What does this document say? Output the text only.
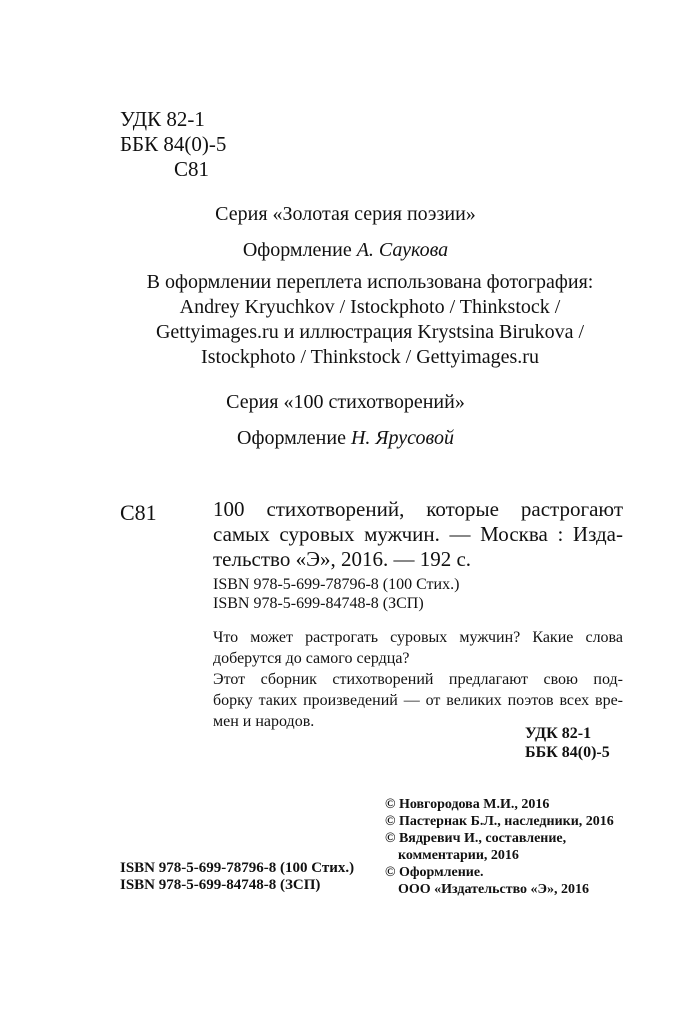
УДК 82-1
ББК 84(0)-5
С81
Серия «Золотая серия поэзии»
Оформление А. Саукова
В оформлении переплета использована фотография:
Andrey Kryuchkov / Istockphoto / Thinkstock /
Gettyimages.ru и иллюстрация Krystsina Birukova /
Istockphoto / Thinkstock / Gettyimages.ru
Серия «100 стихотворений»
Оформление Н. Ярусовой
С81	100 стихотворений, которые растрогают
самых суровых мужчин. — Москва : Изда-
тельство «Э», 2016. — 192 с.
ISBN 978-5-699-78796-8 (100 Стих.)
ISBN 978-5-699-84748-8 (ЗСП)
Что может растрогать суровых мужчин? Какие слова
доберутся до самого сердца?
Этот сборник стихотворений предлагают свою под-
борку таких произведений — от великих поэтов всех вре-
мен и народов.
УДК 82-1
ББК 84(0)-5
© Новгородова М.И., 2016
© Пастернак Б.Л., наследники, 2016
© Вядревич И., составление,
комментарии, 2016
© Оформление.
ООО «Издательство «Э», 2016
ISBN 978-5-699-78796-8 (100 Стих.)
ISBN 978-5-699-84748-8 (ЗСП)
